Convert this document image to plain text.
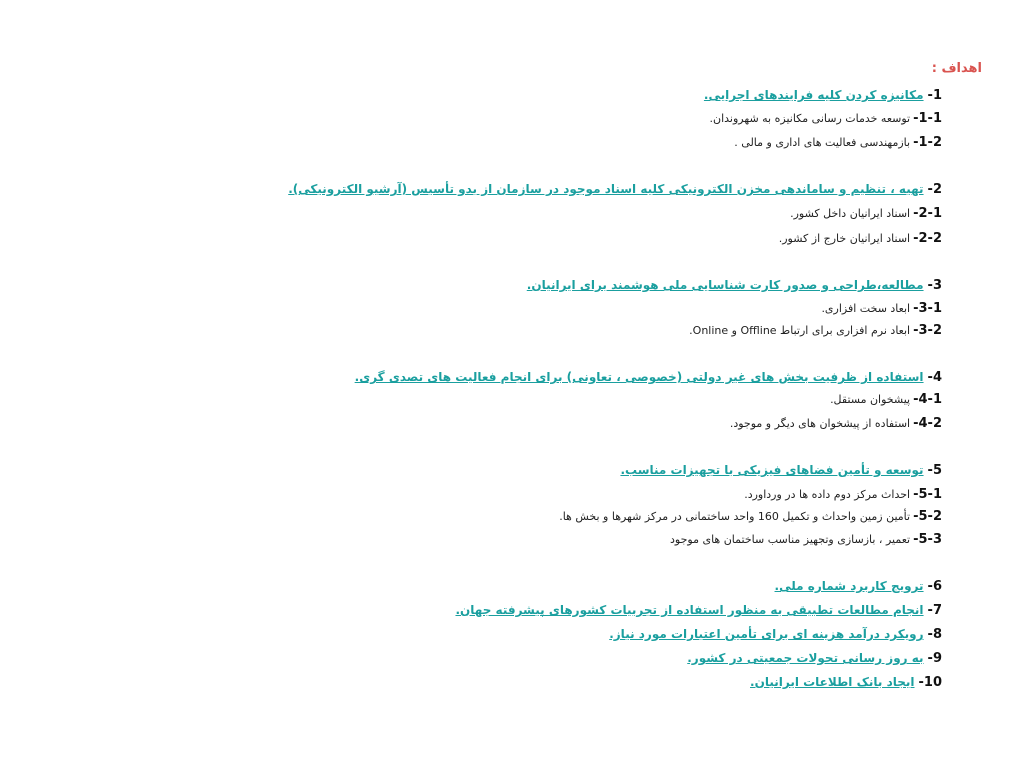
اهداف :
1-مکانیزه کردن کلیه فرایندهای اجرایی.
1-1-توسعه خدمات رسانی مکانیزه به شهروندان.
1-2-بازمهندسی فعالیت های اداری و مالی .
2-تهیه ، تنظیم و ساماندهی مخزن الکترونیکی کلیه اسناد موجود در سازمان از بدو تأسیس (آرشیو الکترونیکی).
2-1-اسناد ایرانیان داخل کشور.
2-2-اسناد ایرانیان خارج از کشور.
3-مطالعه،طراحی و صدور کارت شناسایی ملی هوشمند برای ایرانیان.
3-1-ابعاد سخت افزاری.
3-2-ابعاد نرم افزاری برای ارتباط Offline و Online.
4-استفاده از ظرفیت بخش های غیر دولتی (خصوصی ، تعاونی) برای انجام فعالیت های تصدی گری.
4-1-پیشخوان مستقل.
4-2-استفاده از پیشخوان های دیگر و موجود.
5-توسعه و تأمین فضاهای فیزیکی با تجهیزات مناسب.
5-1-احداث مرکز دوم داده ها در ورداورد.
5-2-تأمین زمین واحداث و تکمیل 160 واحد ساختمانی در مرکز شهرها و بخش ها.
5-3-تعمیر ، بازسازی وتجهیز مناسب ساختمان های موجود
6-ترویج کاربرد شماره ملی.
7-انجام مطالعات تطبیقی به منظور استفاده از تجربیات کشورهای پیشرفته جهان.
8-رویکرد درآمد هزینه ای برای تأمین اعتبارات مورد نیاز.
9-به روز رسانی تحولات جمعیتی در کشور.
10-ایجاد بانک اطلاعات ایرانیان.
